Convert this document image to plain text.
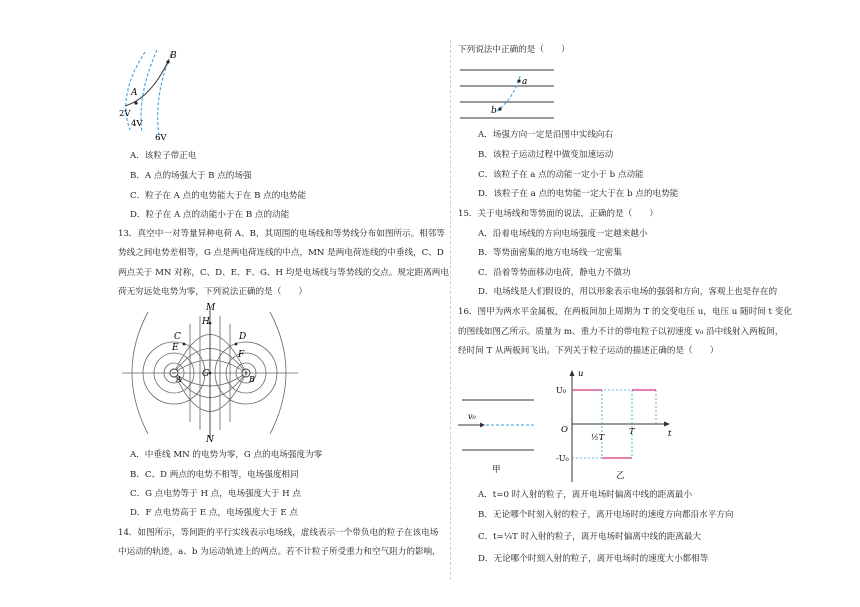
B
A
2V
4V
6V
A．该粒子带正电
B．A 点的场强大于 B 点的场强
C．粒子在 A 点的电势能大于在 B 点的电势能
D．粒子在 A 点的动能小于在 B 点的动能
13．真空中一对等量异种电荷 A、B，其周围的电场线和等势线分布如图所示。相邻等
势线之间电势差相等，G 点是两电荷连线的中点，MN 是两电荷连线的中垂线，C、D
两点关于 MN 对称，C、D、E、F、G、H 均是电场线与等势线的交点。规定距离两电
荷无穷远处电势为零，下列说法正确的是（　　）
M
N
H
C	D
E
F
G
A	B
A．中垂线 MN 的电势为零，G 点的电场强度为零
B．C、D 两点的电势不相等，电场强度相同
C．G 点电势等于 H 点，电场强度大于 H 点
D．F 点电势高于 E 点，电场强度大于 E 点
14．如图所示，等间距的平行实线表示电场线，虚线表示一个带负电的粒子在该电场
中运动的轨迹，a、b 为运动轨迹上的两点。若不计粒子所受重力和空气阻力的影响，
下列说法中正确的是（　　）
a
b
A．场强方向一定是沿图中实线向右
B．该粒子运动过程中做变加速运动
C．该粒子在 a 点的动能一定小于 b 点动能
D．该粒子在 a 点的电势能一定大于在 b 点的电势能
15．关于电场线和等势面的说法，正确的是（　　）
A．沿着电场线的方向电场强度一定越来越小
B．等势面密集的地方电场线一定密集
C．沿着等势面移动电荷，静电力不做功
D．电场线是人们假设的，用以形象表示电场的强弱和方向，客观上也是存在的
16．图甲为两水平金属板，在两板间加上周期为 T 的交变电压 u，电压 u 随时间 t 变化
的图线如图乙所示。质量为 m、重力不计的带电粒子以初速度 v₀ 沿中线射入两板间，
经时间 T 从两板间飞出。下列关于粒子运动的描述正确的是（　　）
v₀
甲
u
U₀
-U₀
O
½T
T	t
乙
A．t=0 时入射的粒子，离开电场时偏离中线的距离最小
B．无论哪个时刻入射的粒子，离开电场时的速度方向都沿水平方向
C．t=¼T 时入射的粒子，离开电场时偏离中线的距离最大
D．无论哪个时刻入射的粒子，离开电场时的速度大小都相等
